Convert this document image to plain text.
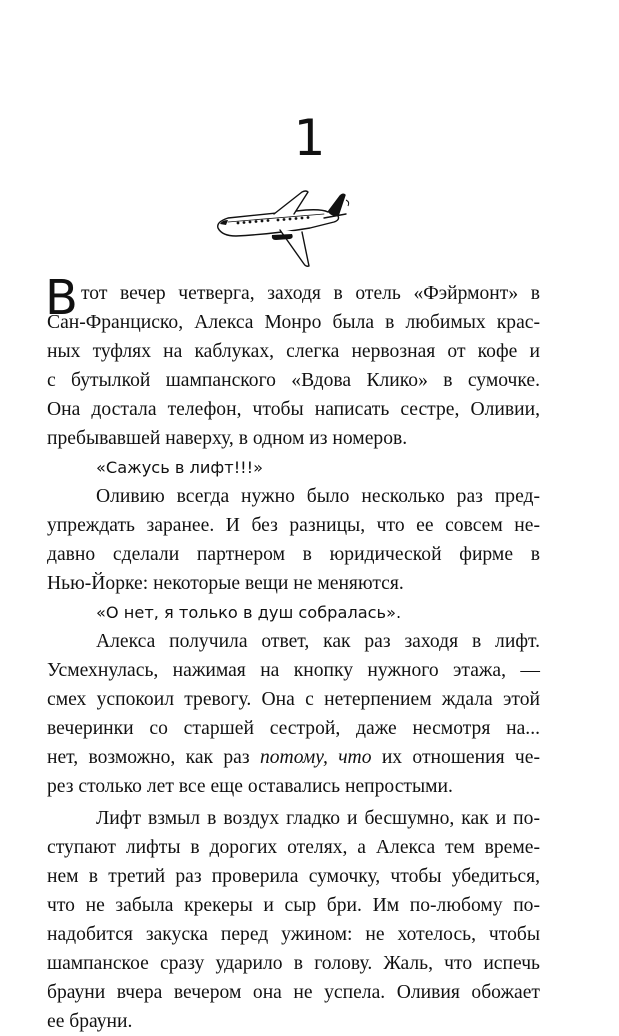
1
В тот вечер четверга, заходя в отель «Фэйрмонт» в
Сан-Франциско, Алекса Монро была в любимых крас-
ных туфлях на каблуках, слегка нервозная от кофе и
с бутылкой шампанского «Вдова Клико» в сумочке.
Она достала телефон, чтобы написать сестре, Оливии,
пребывавшей наверху, в одном из номеров.
«Сажусь в лифт!!!»
Оливию всегда нужно было несколько раз пред-
упреждать заранее. И без разницы, что ее совсем не-
давно сделали партнером в юридической фирме в
Нью-Йорке: некоторые вещи не меняются.
«О нет, я только в душ собралась».
Алекса получила ответ, как раз заходя в лифт.
Усмехнулась, нажимая на кнопку нужного этажа, —
смех успокоил тревогу. Она с нетерпением ждала этой
вечеринки со старшей сестрой, даже несмотря на...
нет, возможно, как раз потому, что их отношения че-
рез столько лет все еще оставались непростыми.
Лифт взмыл в воздух гладко и бесшумно, как и по-
ступают лифты в дорогих отелях, а Алекса тем време-
нем в третий раз проверила сумочку, чтобы убедиться,
что не забыла крекеры и сыр бри. Им по-любому по-
надобится закуска перед ужином: не хотелось, чтобы
шампанское сразу ударило в голову. Жаль, что испечь
брауни вчера вечером она не успела. Оливия обожает
ее брауни.
